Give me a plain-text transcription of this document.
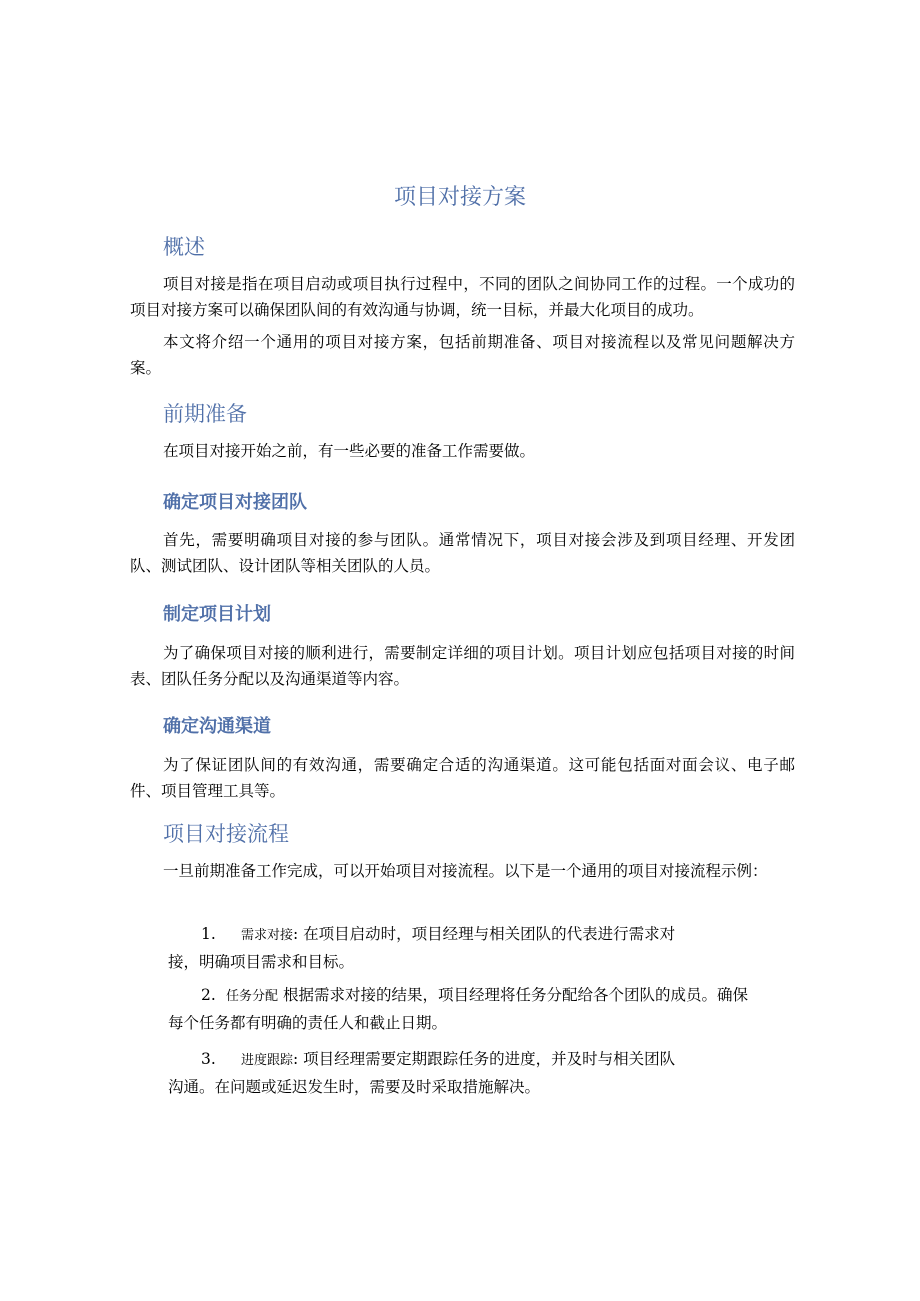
项目对接方案
概述

项目对接是指在项目启动或项目执行过程中，不同的团队之间协同工作的过程。一个成功的项目对接方案可以确保团队间的有效沟通与协调，统一目标，并最大化项目的成功。

本文将介绍一个通用的项目对接方案，包括前期准备、项目对接流程以及常见问题解决方案。

前期准备

在项目对接开始之前，有一些必要的准备工作需要做。

确定项目对接团队

首先，需要明确项目对接的参与团队。通常情况下，项目对接会涉及到项目经理、开发团队、测试团队、设计团队等相关团队的人员。

制定项目计划

为了确保项目对接的顺利进行，需要制定详细的项目计划。项目计划应包括项目对接的时间表、团队任务分配以及沟通渠道等内容。

确定沟通渠道

为了保证团队间的有效沟通，需要确定合适的沟通渠道。这可能包括面对面会议、电子邮件、项目管理工具等。

项目对接流程

一旦前期准备工作完成，可以开始项目对接流程。以下是一个通用的项目对接流程示例：

1. 需求对接: 在项目启动时，项目经理与相关团队的代表进行需求对
接，明确项目需求和目标。
2. 任务分配 根据需求对接的结果，项目经理将任务分配给各个团队的成员。确保
每个任务都有明确的责任人和截止日期。
3. 进度跟踪: 项目经理需要定期跟踪任务的进度，并及时与相关团队
沟通。在问题或延迟发生时，需要及时采取措施解决。
